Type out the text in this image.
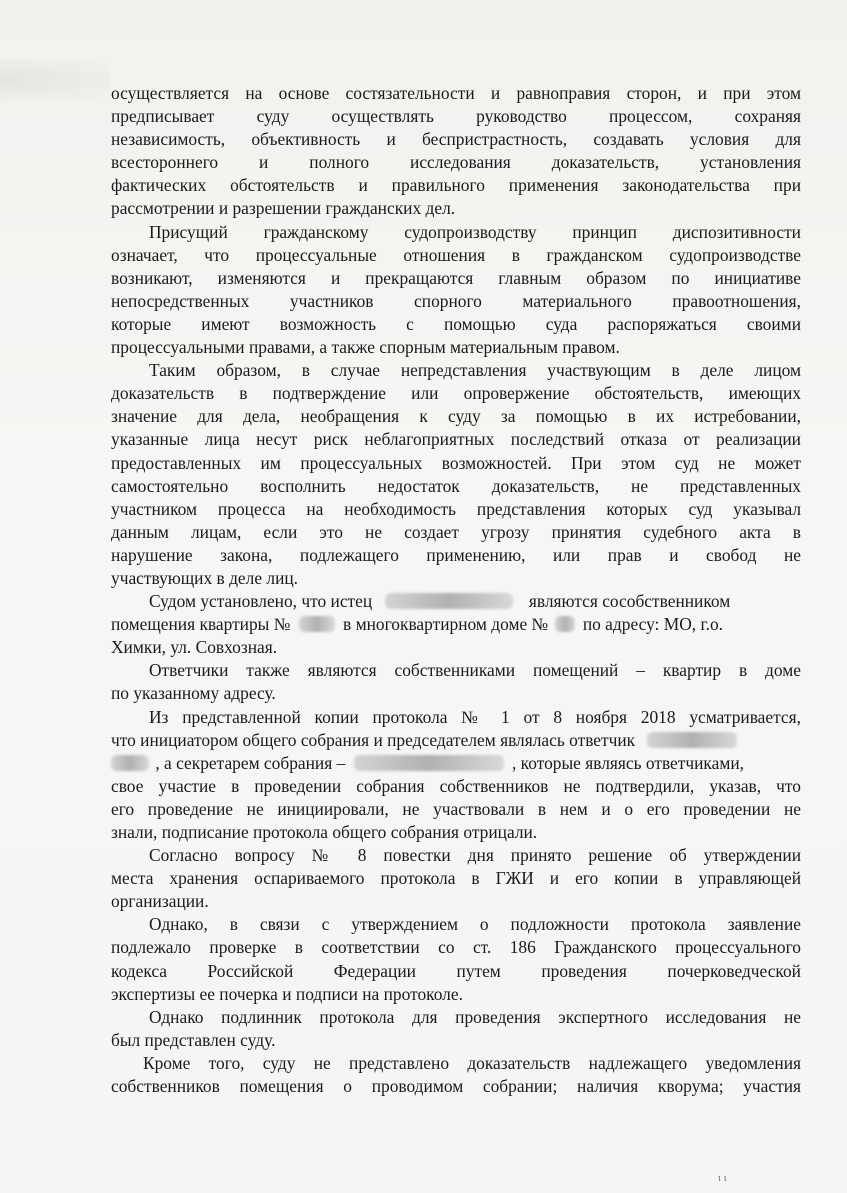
осуществляется на основе состязательности и равноправия сторон, и при этом
предписывает суду осуществлять руководство процессом, сохраняя
независимость, объективность и беспристрастность, создавать условия для
всестороннего и полного исследования доказательств, установления
фактических обстоятельств и правильного применения законодательства при
рассмотрении и разрешении гражданских дел.
Присущий гражданскому судопроизводству принцип диспозитивности
означает, что процессуальные отношения в гражданском судопроизводстве
возникают, изменяются и прекращаются главным образом по инициативе
непосредственных участников спорного материального правоотношения,
которые имеют возможность с помощью суда распоряжаться своими
процессуальными правами, а также спорным материальным правом.
Таким образом, в случае непредставления участвующим в деле лицом
доказательств в подтверждение или опровержение обстоятельств, имеющих
значение для дела, необращения к суду за помощью в их истребовании,
указанные лица несут риск неблагоприятных последствий отказа от реализации
предоставленных им процессуальных возможностей. При этом суд не может
самостоятельно восполнить недостаток доказательств, не представленных
участником процесса на необходимость представления которых суд указывал
данным лицам, если это не создает угрозу принятия судебного акта в
нарушение закона, подлежащего применению, или прав и свобод не
участвующих в деле лиц.
Судом установлено, что истец	являются сособственником
помещения квартиры №	в многоквартирном доме № по адресу: МО, г.о.
Химки, ул. Совхозная.
Ответчики также являются собственниками помещений – квартир в доме
по указанному адресу.
Из представленной копии протокола № 1 от 8 ноября 2018 усматривается,
что инициатором общего собрания и председателем являлась ответчик
, а секретарем собрания –	, которые являясь ответчиками,
свое участие в проведении собрания собственников не подтвердили, указав, что
его проведение не инициировали, не участвовали в нем и о его проведении не
знали, подписание протокола общего собрания отрицали.
Согласно вопросу № 8 повестки дня принято решение об утверждении
места хранения оспариваемого протокола в ГЖИ и его копии в управляющей
организации.
Однако, в связи с утверждением о подложности протокола заявление
подлежало проверке в соответствии со ст. 186 Гражданского процессуального
кодекса Российской Федерации путем проведения почерковедческой
экспертизы ее почерка и подписи на протоколе.
Однако подлинник протокола для проведения экспертного исследования не
был представлен суду.
Кроме того, суду не представлено доказательств надлежащего уведомления
собственников помещения о проводимом собрании; наличия кворума; участия
ι ι
